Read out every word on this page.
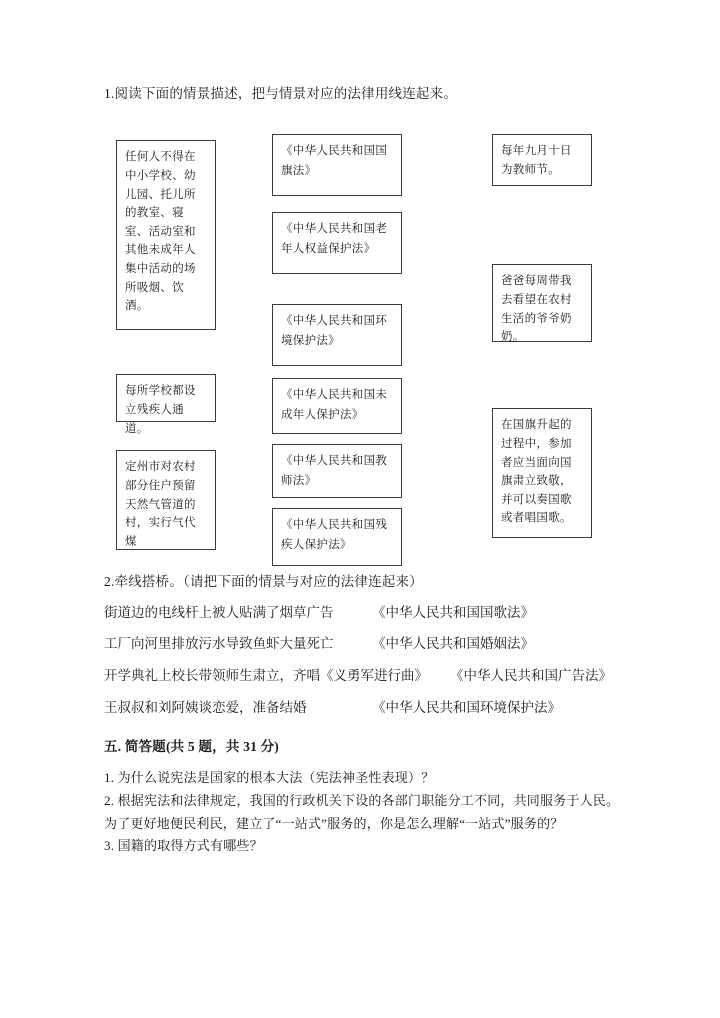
1.阅读下面的情景描述，把与情景对应的法律用线连起来。

任何人不得在中小学校、幼儿园、托儿所的教室、寝室、活动室和其他未成年人集中活动的场所吸烟、饮酒。
每所学校都设立残疾人通道。
定州市对农村部分住户预留天然气管道的村，实行气代煤
《中华人民共和国国旗法》
《中华人民共和国老年人权益保护法》
《中华人民共和国环境保护法》
《中华人民共和国未成年人保护法》
《中华人民共和国教师法》
《中华人民共和国残疾人保护法》
每年九月十日为教师节。
爸爸每周带我去看望在农村生活的爷爷奶奶。
在国旗升起的过程中，参加者应当面向国旗肃立致敬，并可以奏国歌或者唱国歌。

2.牵线搭桥。（请把下面的情景与对应的法律连起来）

街道边的电线杆上被人贴满了烟草广告	《中华人民共和国国歌法》
工厂向河里排放污水导致鱼虾大量死亡	《中华人民共和国婚姻法》
开学典礼上校长带领师生肃立，齐唱《义勇军进行曲》 《中华人民共和国广告法》
王叔叔和刘阿姨谈恋爱，准备结婚	《中华人民共和国环境保护法》
五. 简答题(共 5 题，共 31 分)

1. 为什么说宪法是国家的根本大法（宪法神圣性表现）？

2. 根据宪法和法律规定，我国的行政机关下设的各部门职能分工不同，共同服务于人民。为了更好地便民利民，建立了“一站式”服务的，你是怎么理解“一站式”服务的？

3. 国籍的取得方式有哪些？
